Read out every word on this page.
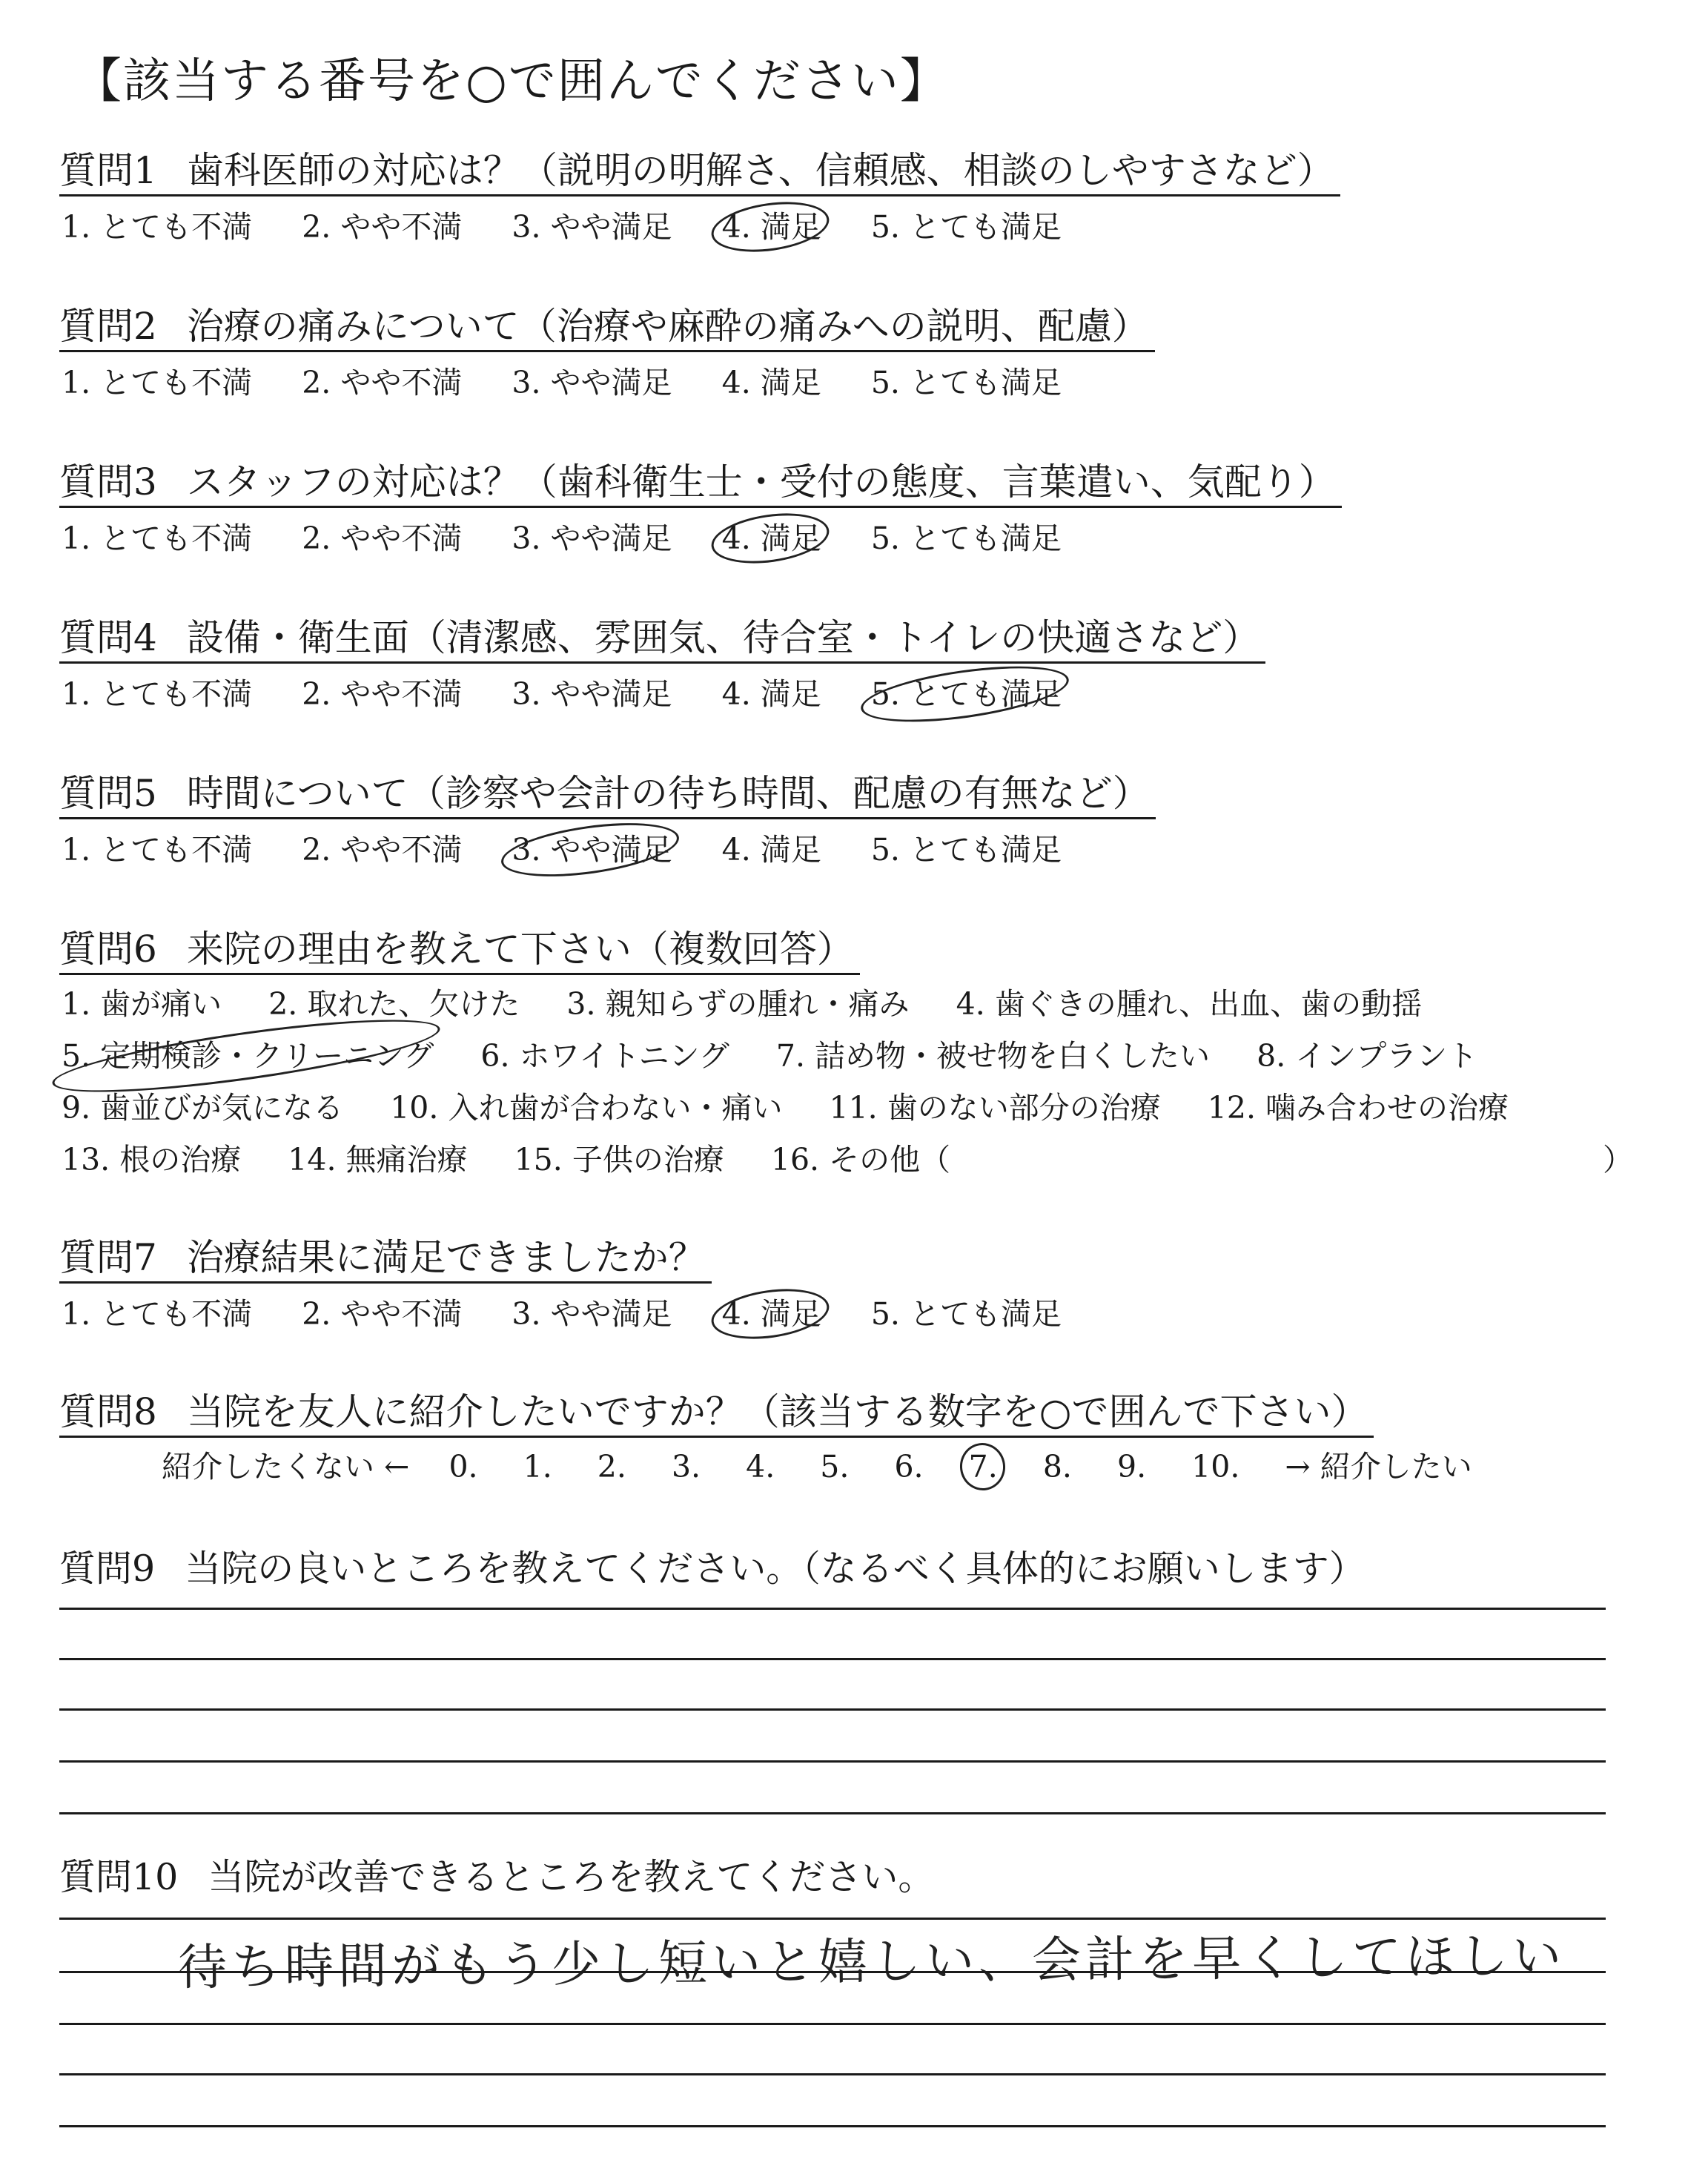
【該当する番号を○で囲んでください】
質問1 歯科医師の対応は？（説明の明解さ、信頼感、相談のしやすさなど）
1. とても不満 2. やや不満 3. やや満足 4. 満足 5. とても満足
質問2 治療の痛みについて（治療や麻酔の痛みへの説明、配慮）
1. とても不満 2. やや不満 3. やや満足 4. 満足 5. とても満足
質問3 スタッフの対応は？（歯科衛生士・受付の態度、言葉遣い、気配り）
1. とても不満 2. やや不満 3. やや満足 4. 満足 5. とても満足
質問4 設備・衛生面（清潔感、雰囲気、待合室・トイレの快適さなど）
1. とても不満 2. やや不満 3. やや満足 4. 満足 5. とても満足
質問5 時間について（診察や会計の待ち時間、配慮の有無など）
1. とても不満 2. やや不満 3. やや満足 4. 満足 5. とても満足
質問6 来院の理由を教えて下さい（複数回答）
1. 歯が痛い 2. 取れた、欠けた 3. 親知らずの腫れ・痛み 4. 歯ぐきの腫れ、出血、歯の動揺
5. 定期検診・クリーニング 6. ホワイトニング 7. 詰め物・被せ物を白くしたい 8. インプラント
9. 歯並びが気になる 10. 入れ歯が合わない・痛い 11. 歯のない部分の治療 12. 噛み合わせの治療
13. 根の治療 14. 無痛治療 15. 子供の治療 16. その他（	）
質問7 治療結果に満足できましたか？
1. とても不満 2. やや不満 3. やや満足 4. 満足 5. とても満足
質問8 当院を友人に紹介したいですか？（該当する数字を○で囲んで下さい）
紹介したくない ← 0. 1. 2. 3. 4. 5. 6. 7. 8. 9. 10. → 紹介したい
質問9 当院の良いところを教えてください。（なるべく具体的にお願いします）
質問10 当院が改善できるところを教えてください。
待ち時間がもう少し短いと嬉しい、会計を早くしてほしい
